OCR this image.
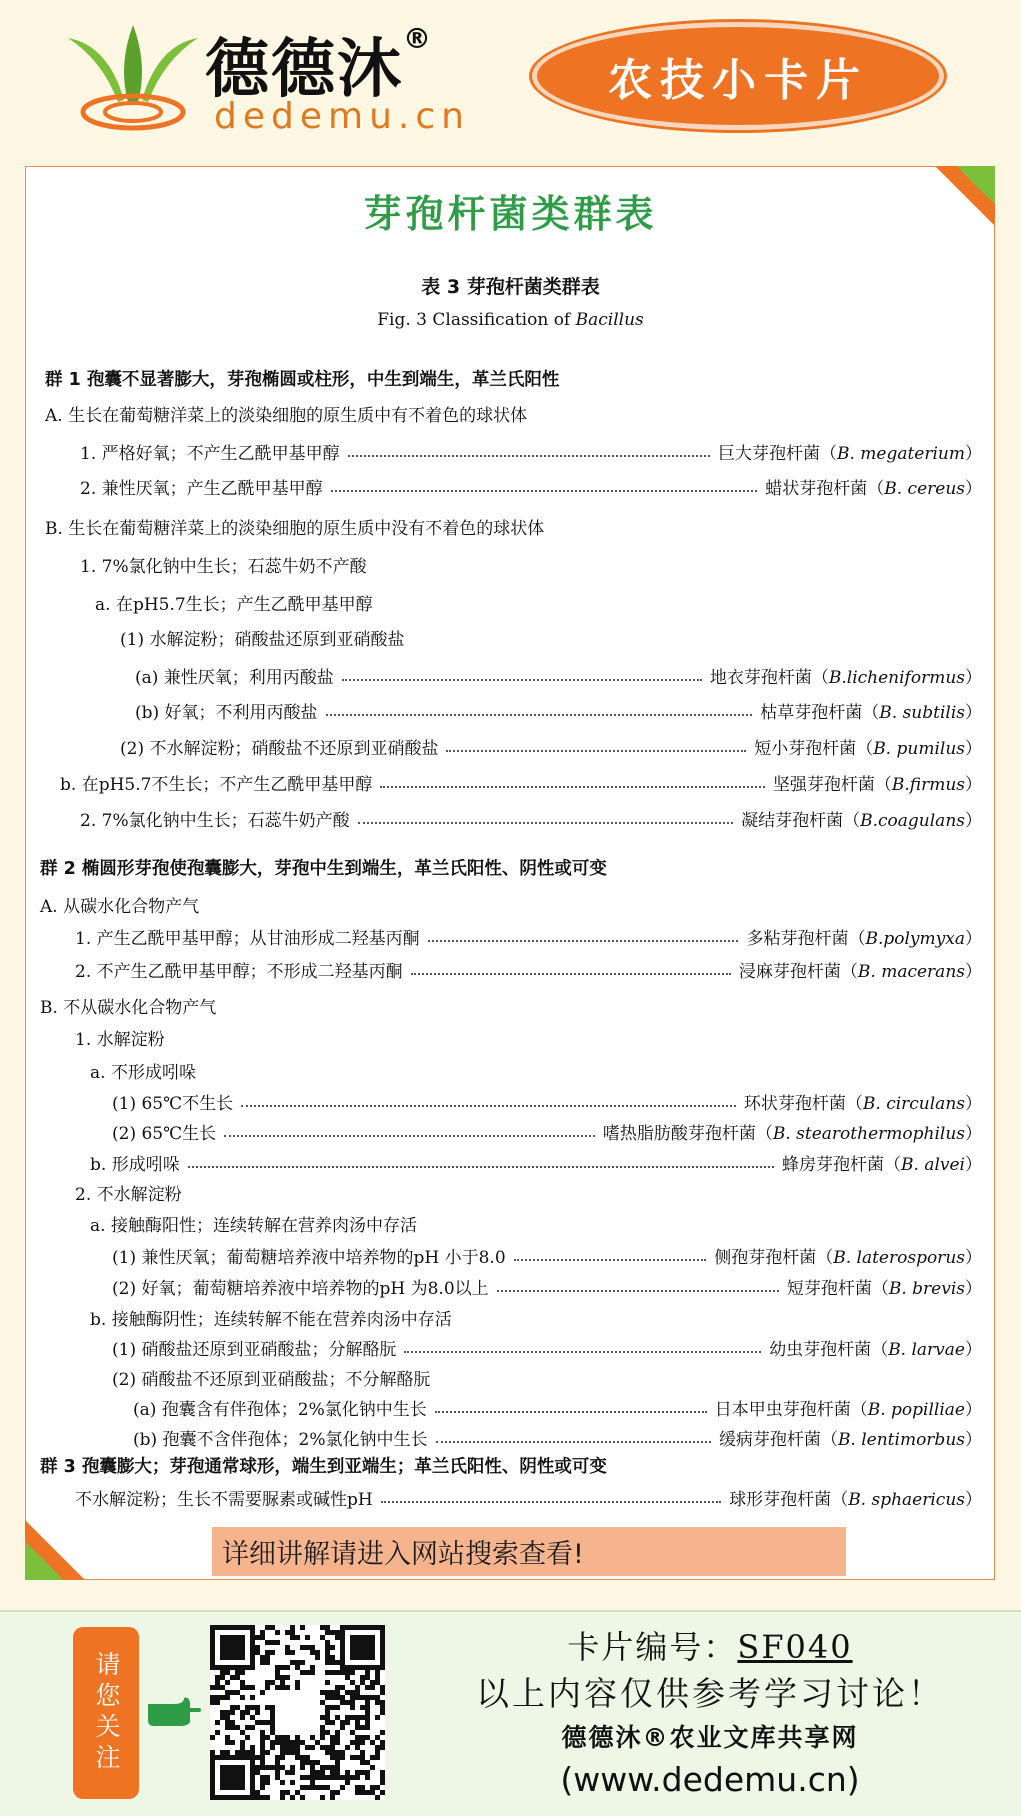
德德沐®
dedemu.cn
农技小卡片
芽孢杆菌类群表
表 3 芽孢杆菌类群表
Fig. 3 Classification of Bacillus
群 1 孢囊不显著膨大，芽孢椭圆或柱形，中生到端生，革兰氏阳性
A. 生长在葡萄糖洋菜上的淡染细胞的原生质中有不着色的球状体
1. 严格好氧；不产生乙酰甲基甲醇	巨大芽孢杆菌（B. megaterium）
2. 兼性厌氧；产生乙酰甲基甲醇	蜡状芽孢杆菌（B. cereus）
B. 生长在葡萄糖洋菜上的淡染细胞的原生质中没有不着色的球状体
1. 7%氯化钠中生长；石蕊牛奶不产酸
a. 在pH5.7生长；产生乙酰甲基甲醇
(1) 水解淀粉；硝酸盐还原到亚硝酸盐
(a) 兼性厌氧；利用丙酸盐	地衣芽孢杆菌（B.licheniformus）
(b) 好氧；不利用丙酸盐	枯草芽孢杆菌（B. subtilis）
(2) 不水解淀粉；硝酸盐不还原到亚硝酸盐	短小芽孢杆菌（B. pumilus）
b. 在pH5.7不生长；不产生乙酰甲基甲醇	坚强芽孢杆菌（B.firmus）
2. 7%氯化钠中生长；石蕊牛奶产酸	凝结芽孢杆菌（B.coagulans）
群 2 椭圆形芽孢使孢囊膨大，芽孢中生到端生，革兰氏阳性、阴性或可变
A. 从碳水化合物产气
1. 产生乙酰甲基甲醇；从甘油形成二羟基丙酮	多粘芽孢杆菌（B.polymyxa）
2. 不产生乙酰甲基甲醇；不形成二羟基丙酮	浸麻芽孢杆菌（B. macerans）
B. 不从碳水化合物产气
1. 水解淀粉
a. 不形成吲哚
(1) 65℃不生长	环状芽孢杆菌（B. circulans）
(2) 65℃生长	嗜热脂肪酸芽孢杆菌（B. stearothermophilus）
b. 形成吲哚	蜂房芽孢杆菌（B. alvei）
2. 不水解淀粉
a. 接触酶阳性；连续转解在营养肉汤中存活
(1) 兼性厌氧；葡萄糖培养液中培养物的pH 小于8.0	侧孢芽孢杆菌（B. laterosporus）
(2) 好氧；葡萄糖培养液中培养物的pH 为8.0以上	短芽孢杆菌（B. brevis）
b. 接触酶阴性；连续转解不能在营养肉汤中存活
(1) 硝酸盐还原到亚硝酸盐；分解酪朊	幼虫芽孢杆菌（B. larvae）
(2) 硝酸盐不还原到亚硝酸盐；不分解酪朊
(a) 孢囊含有伴孢体；2%氯化钠中生长	日本甲虫芽孢杆菌（B. popilliae）
(b) 孢囊不含伴孢体；2%氯化钠中生长	缓病芽孢杆菌（B. lentimorbus）
群 3 孢囊膨大；芽孢通常球形，端生到亚端生；革兰氏阳性、阴性或可变
不水解淀粉；生长不需要脲素或碱性pH	球形芽孢杆菌（B. sphaericus）
详细讲解请进入网站搜索查看!
请您关注
卡片编号：SF040
以上内容仅供参考学习讨论！
德德沐®农业文库共享网
(www.dedemu.cn)
